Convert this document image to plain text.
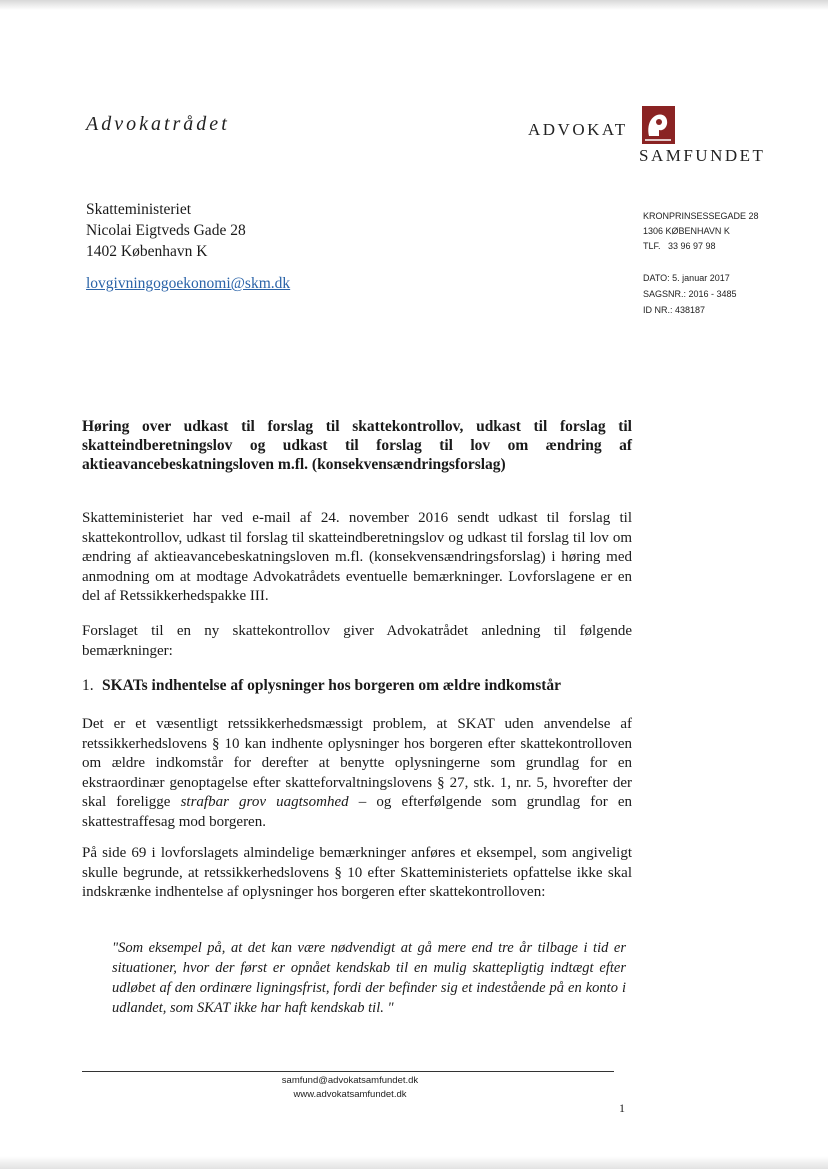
Advokatrådet	ADVOKAT
SAMFUNDET
Skatteministeriet
Nicolai Eigtveds Gade 28
1402 København K
lovgivningogoekonomi@skm.dk
KRONPRINSESSEGADE 28
1306 KØBENHAVN K
TLF.   33 96 97 98
DATO: 5. januar 2017
SAGSNR.: 2016 - 3485
ID NR.: 438187
Høring over udkast til forslag til skattekontrollov, udkast til forslag til skatteindberetningslov og udkast til forslag til lov om ændring af aktieavancebeskatningsloven m.fl. (konsekvensændringsforslag)

Skatteministeriet har ved e-mail af 24. november 2016 sendt udkast til forslag til skattekontrollov, udkast til forslag til skatteindberetningslov og udkast til forslag til lov om ændring af aktieavancebeskatningsloven m.fl. (konsekvensændringsforslag) i høring med anmodning om at modtage Advokatrådets eventuelle bemærkninger. Lovforslagene er en del af Retssikkerhedspakke III.

Forslaget til en ny skattekontrollov giver Advokatrådet anledning til følgende bemærkninger:

1. SKATs indhentelse af oplysninger hos borgeren om ældre indkomstår

Det er et væsentligt retssikkerhedsmæssigt problem, at SKAT uden anvendelse af retssikkerhedslovens § 10 kan indhente oplysninger hos borgeren efter skattekontrolloven om ældre indkomstår for derefter at benytte oplysningerne som grundlag for en ekstraordinær genoptagelse efter skatteforvaltningslovens § 27, stk. 1, nr. 5, hvorefter der skal foreligge strafbar grov uagtsomhed – og efterfølgende som grundlag for en skattestraffesag mod borgeren.

På side 69 i lovforslagets almindelige bemærkninger anføres et eksempel, som angiveligt skulle begrunde, at retssikkerhedslovens § 10 efter Skatteministeriets opfattelse ikke skal indskrænke indhentelse af oplysninger hos borgeren efter skattekontrolloven:

"Som eksempel på, at det kan være nødvendigt at gå mere end tre år tilbage i tid er situationer, hvor der først er opnået kendskab til en mulig skattepligtig indtægt efter udløbet af den ordinære ligningsfrist, fordi der befinder sig et indestående på en konto i udlandet, som SKAT ikke har haft kendskab til. "
samfund@advokatsamfundet.dk
www.advokatsamfundet.dk
1
